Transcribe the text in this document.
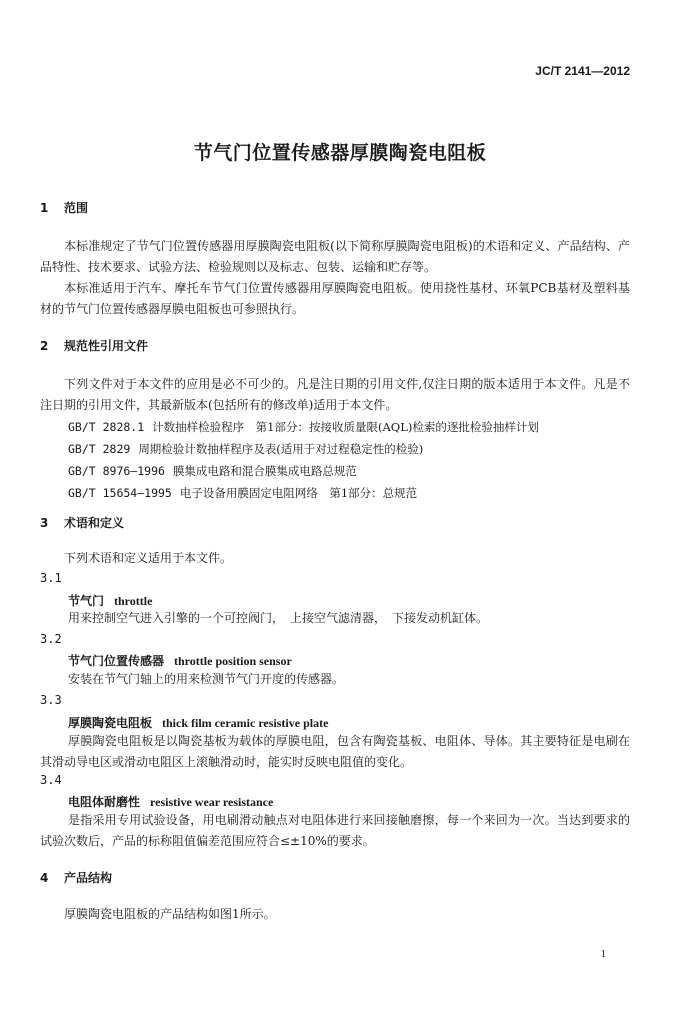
JC/T 2141—2012
节气门位置传感器厚膜陶瓷电阻板
1 范围
本标准规定了节气门位置传感器用厚膜陶瓷电阻板(以下简称厚膜陶瓷电阻板)的术语和定义、产品结构、产品特性、技术要求、试验方法、检验规则以及标志、包装、运输和贮存等。
本标准适用于汽车、摩托车节气门位置传感器用厚膜陶瓷电阻板。使用挠性基材、环氧PCB基材及塑料基材的节气门位置传感器厚膜电阻板也可参照执行。
2 规范性引用文件
下列文件对于本文件的应用是必不可少的。凡是注日期的引用文件,仅注日期的版本适用于本文件。凡是不注日期的引用文件，其最新版本(包括所有的修改单)适用于本文件。
GB/T 2828.1 计数抽样检验程序　第1部分：按接收质量限(AQL)检索的逐批检验抽样计划
GB/T 2829 周期检验计数抽样程序及表(适用于对过程稳定性的检验)
GB/T 8976—1996 膜集成电路和混合膜集成电路总规范
GB/T 15654—1995 电子设备用膜固定电阻网络　第1部分：总规范
3 术语和定义
下列术语和定义适用于本文件。
3.1
节气门 throttle
用来控制空气进入引擎的一个可控阀门，　上接空气滤清器，　下接发动机缸体。
3.2
节气门位置传感器 throttle position sensor
安装在节气门轴上的用来检测节气门开度的传感器。
3.3
厚膜陶瓷电阻板 thick film ceramic resistive plate
厚膜陶瓷电阻板是以陶瓷基板为载体的厚膜电阻，包含有陶瓷基板、电阻体、导体。其主要特征是电刷在其滑动导电区或滑动电阻区上滚触滑动时，能实时反映电阻值的变化。
3.4
电阻体耐磨性 resistive wear resistance
是指采用专用试验设备，用电刷滑动触点对电阻体进行来回接触磨擦，每一个来回为一次。当达到要求的试验次数后，产品的标称阻值偏差范围应符合≤±10%的要求。
4 产品结构
厚膜陶瓷电阻板的产品结构如图1所示。
1
